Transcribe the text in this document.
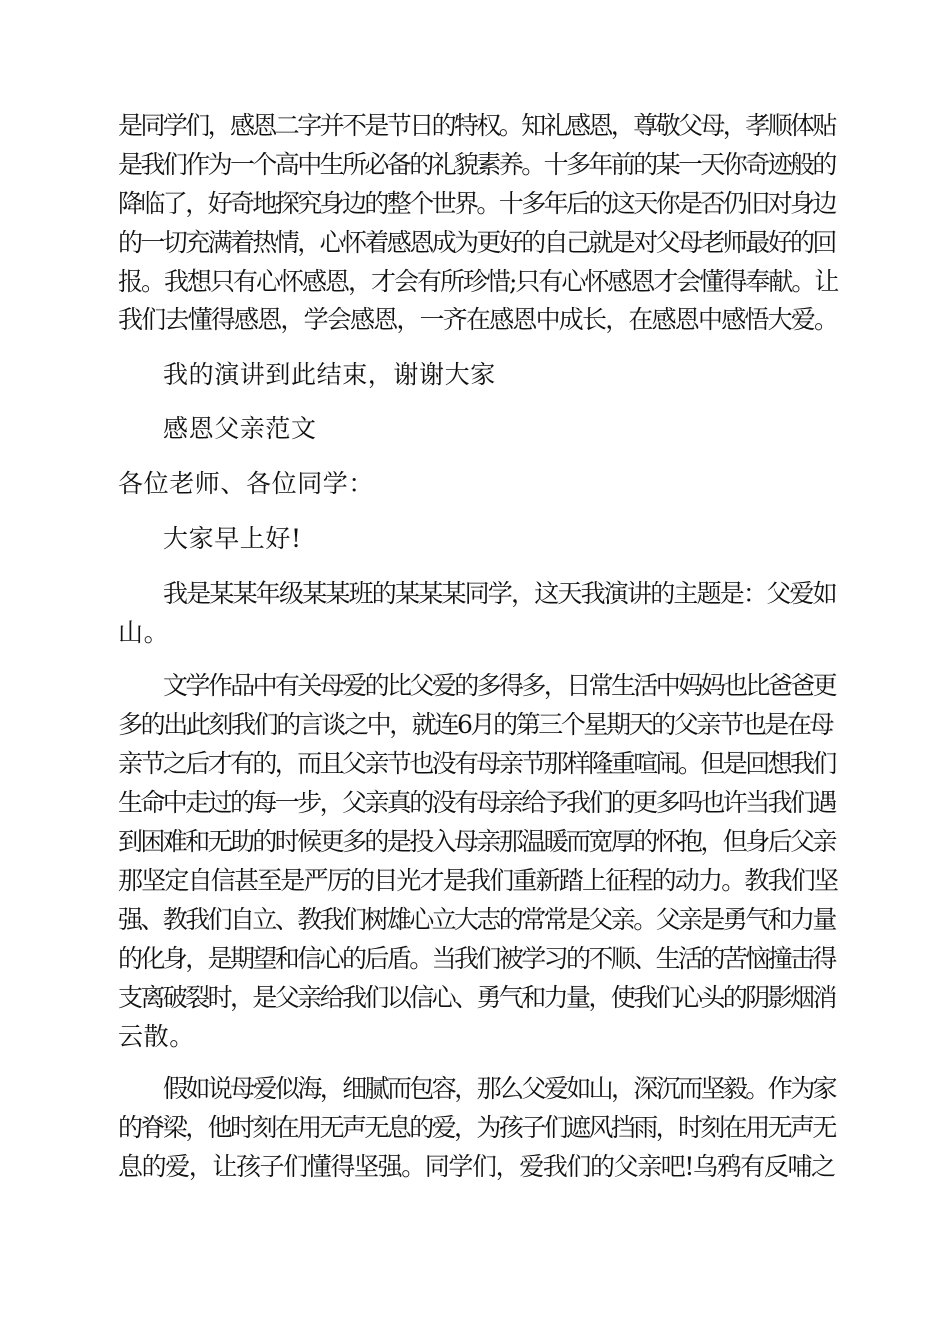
是同学们，感恩二字并不是节日的特权。知礼感恩，尊敬父母，孝顺体贴
是我们作为一个高中生所必备的礼貌素养。十多年前的某一天你奇迹般的
降临了，好奇地探究身边的整个世界。十多年后的这天你是否仍旧对身边
的一切充满着热情，心怀着感恩成为更好的自己就是对父母老师最好的回
报。我想只有心怀感恩，才会有所珍惜;只有心怀感恩才会懂得奉献。让
我们去懂得感恩，学会感恩，一齐在感恩中成长，在感恩中感悟大爱。
我的演讲到此结束，谢谢大家
感恩父亲范文
各位老师、各位同学：
大家早上好!
我是某某年级某某班的某某某同学，这天我演讲的主题是：父爱如
山。
文学作品中有关母爱的比父爱的多得多，日常生活中妈妈也比爸爸更
多的出此刻我们的言谈之中，就连6月的第三个星期天的父亲节也是在母
亲节之后才有的，而且父亲节也没有母亲节那样隆重喧闹。但是回想我们
生命中走过的每一步，父亲真的没有母亲给予我们的更多吗也许当我们遇
到困难和无助的时候更多的是投入母亲那温暖而宽厚的怀抱，但身后父亲
那坚定自信甚至是严厉的目光才是我们重新踏上征程的动力。教我们坚
强、教我们自立、教我们树雄心立大志的常常是父亲。父亲是勇气和力量
的化身，是期望和信心的后盾。当我们被学习的不顺、生活的苦恼撞击得
支离破裂时，是父亲给我们以信心、勇气和力量，使我们心头的阴影烟消
云散。
假如说母爱似海，细腻而包容，那么父爱如山，深沉而坚毅。作为家
的脊梁，他时刻在用无声无息的爱，为孩子们遮风挡雨，时刻在用无声无
息的爱，让孩子们懂得坚强。同学们，爱我们的父亲吧!乌鸦有反哺之
